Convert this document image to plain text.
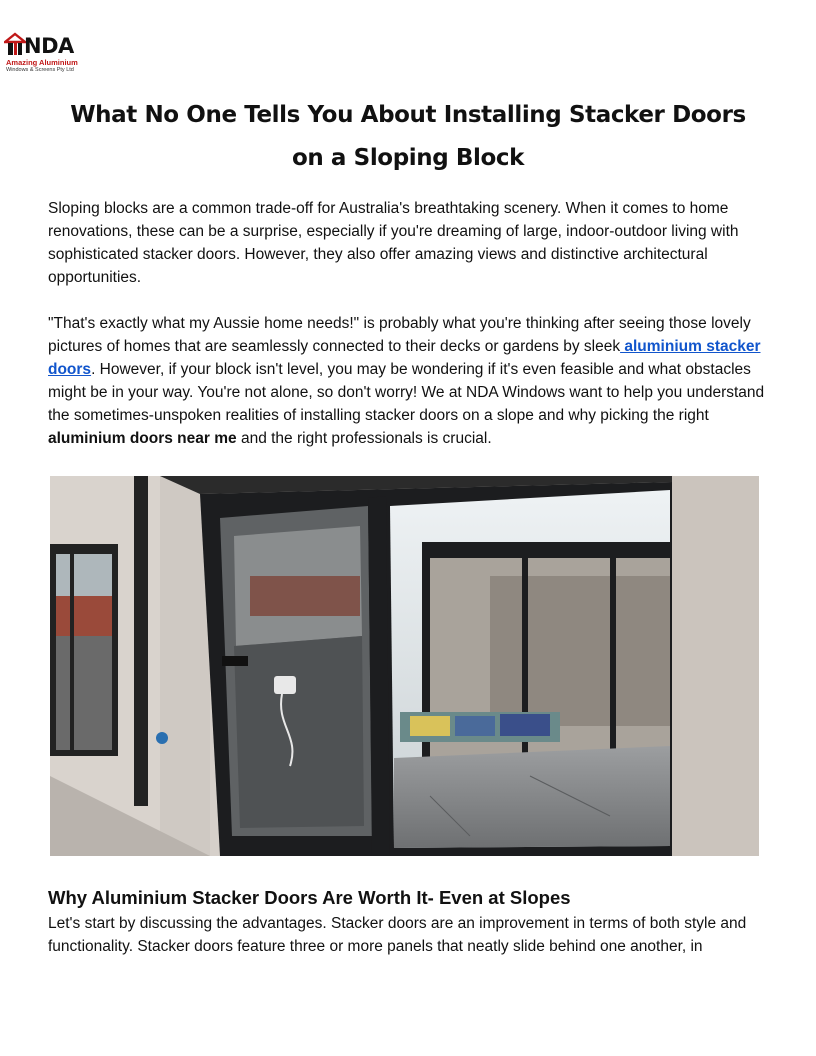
NDA
Amazing Aluminium
Windows & Screens Pty Ltd
What No One Tells You About Installing Stacker Doors on a Sloping Block

Sloping blocks are a common trade-off for Australia's breathtaking scenery. When it comes to home renovations, these can be a surprise, especially if you're dreaming of large, indoor-outdoor living with sophisticated stacker doors. However, they also offer amazing views and distinctive architectural opportunities.

"That's exactly what my Aussie home needs!" is probably what you're thinking after seeing those lovely pictures of homes that are seamlessly connected to their decks or gardens by sleek aluminium stacker doors. However, if your block isn't level, you may be wondering if it's even feasible and what obstacles might be in your way. You're not alone, so don't worry! We at NDA Windows want to help you understand the sometimes-unspoken realities of installing stacker doors on a slope and why picking the right aluminium doors near me and the right professionals is crucial.

Why Aluminium Stacker Doors Are Worth It- Even at Slopes

Let's start by discussing the advantages. Stacker doors are an improvement in terms of both style and functionality. Stacker doors feature three or more panels that neatly slide behind one another, in
